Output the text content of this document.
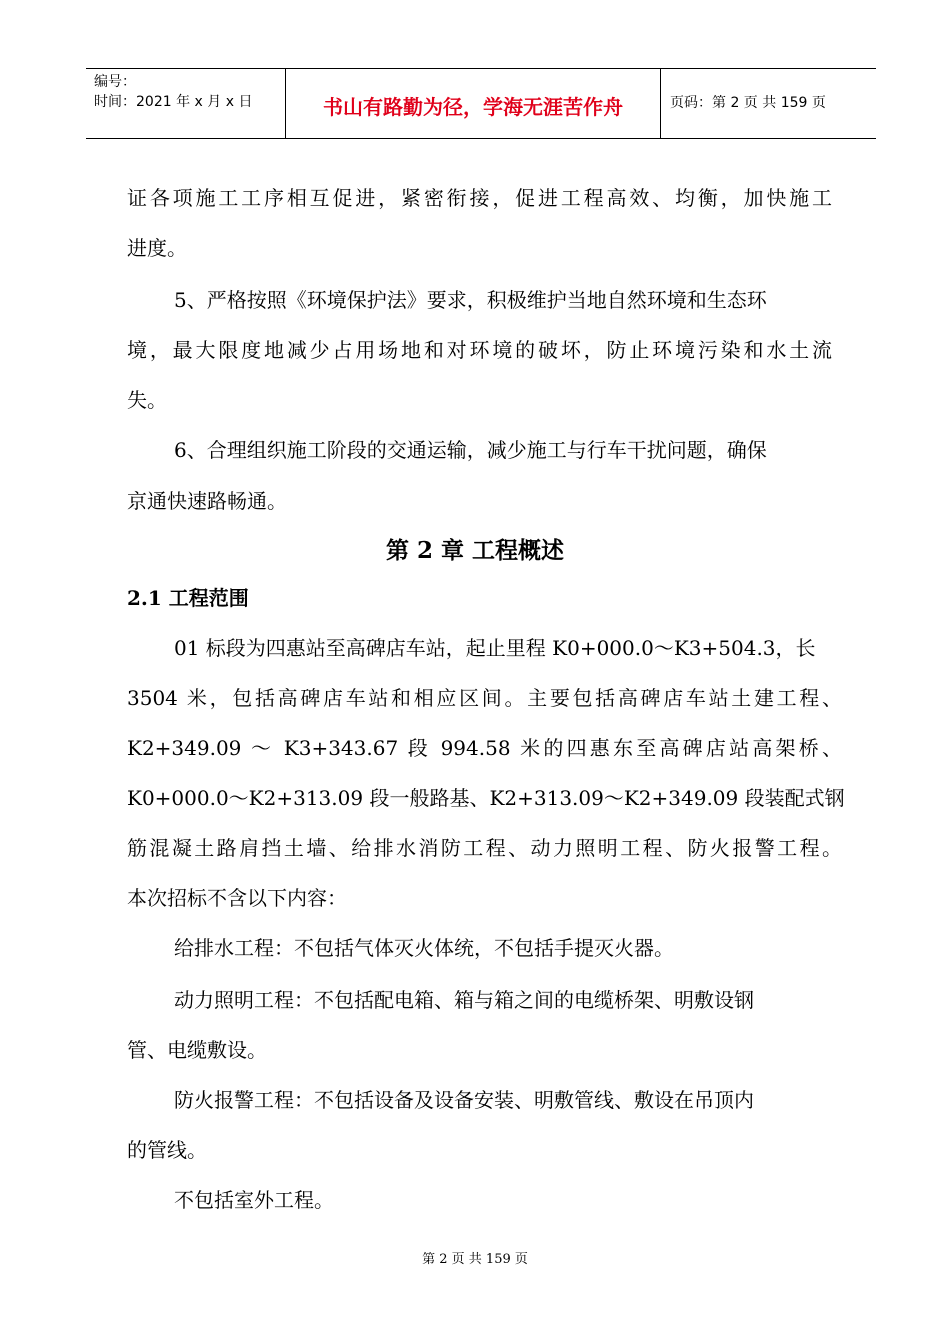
编号：
时间：2021 年 x 月 x 日	书山有路勤为径，学海无涯苦作舟	页码：第 2 页 共 159 页
证各项施工工序相互促进，紧密衔接，促进工程高效、均衡，加快施工
进度。
5、严格按照《环境保护法》要求，积极维护当地自然环境和生态环
境，最大限度地减少占用场地和对环境的破坏，防止环境污染和水土流
失。
6、合理组织施工阶段的交通运输，减少施工与行车干扰问题，确保
京通快速路畅通。
第 2 章 工程概述
2.1 工程范围
01 标段为四惠站至高碑店车站，起止里程 K0+000.0～K3+504.3，长
3504 米，包括高碑店车站和相应区间。主要包括高碑店车站土建工程、
K2+349.09 ～ K3+343.67 段 994.58 米的四惠东至高碑店站高架桥、
K0+000.0～K2+313.09 段一般路基、K2+313.09～K2+349.09 段装配式钢
筋混凝土路肩挡土墙、给排水消防工程、动力照明工程、防火报警工程。
本次招标不含以下内容：
给排水工程：不包括气体灭火体统，不包括手提灭火器。
动力照明工程：不包括配电箱、箱与箱之间的电缆桥架、明敷设钢
管、电缆敷设。
防火报警工程：不包括设备及设备安装、明敷管线、敷设在吊顶内
的管线。
不包括室外工程。
第 2 页 共 159 页
